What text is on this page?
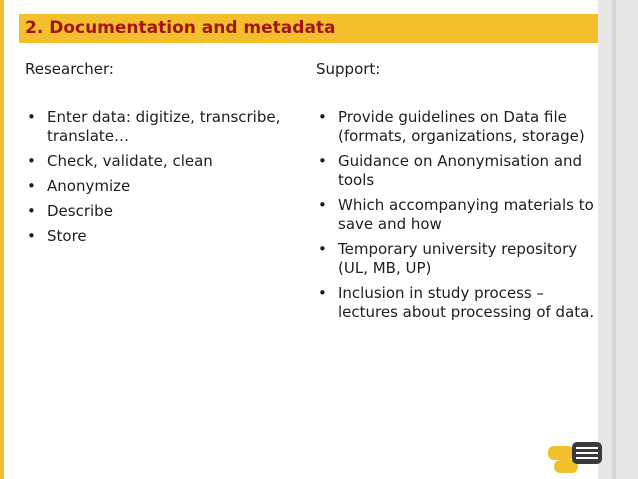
2. Documentation and metadata
Researcher:
• Enter data: digitize, transcribe, translate…
• Check, validate, clean
• Anonymize
• Describe
• Store
Support:
• Provide guidelines on Data file (formats, organizations, storage)
• Guidance on Anonymisation and tools
• Which accompanying materials to save and how
• Temporary university repository (UL, MB, UP)
• Inclusion in study process – lectures about processing of data.
